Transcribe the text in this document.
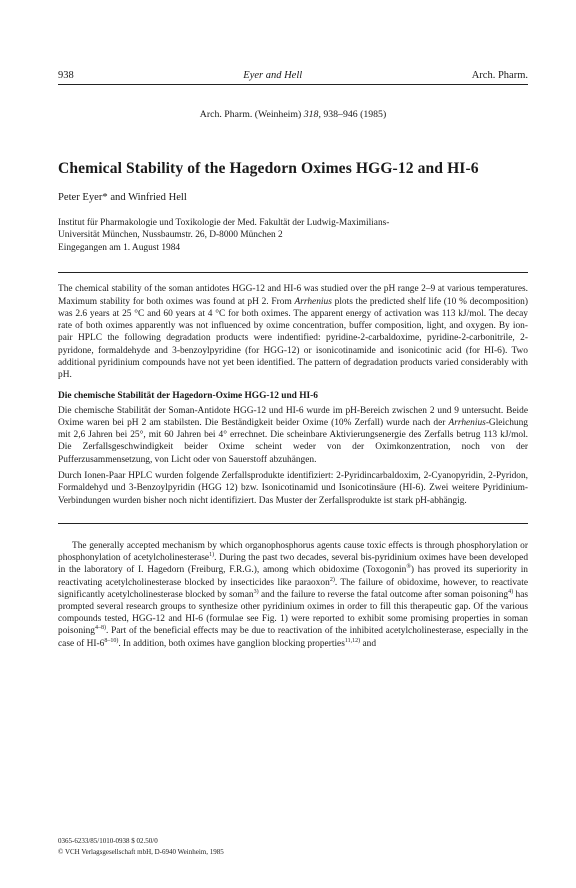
938	Eyer and Hell	Arch. Pharm.
Arch. Pharm. (Weinheim) 318, 938–946 (1985)
Chemical Stability of the Hagedorn Oximes HGG-12 and HI-6
Peter Eyer* and Winfried Hell
Institut für Pharmakologie und Toxikologie der Med. Fakultät der Ludwig-Maximilians-
Universität München, Nussbaumstr. 26, D-8000 München 2
Eingegangen am 1. August 1984
The chemical stability of the soman antidotes HGG-12 and HI-6 was studied over the pH range 2–9 at various temperatures. Maximum stability for both oximes was found at pH 2. From Arrhenius plots the predicted shelf life (10 % decomposition) was 2.6 years at 25 °C and 60 years at 4 °C for both oximes. The apparent energy of activation was 113 kJ/mol. The decay rate of both oximes apparently was not influenced by oxime concentration, buffer composition, light, and oxygen. By ion-pair HPLC the following degradation products were indentified: pyridine-2-carbaldoxime, pyridine-2-carbonitrile, 2-pyridone, formaldehyde and 3-benzoylpyridine (for HGG-12) or isonicotinamide and isonicotinic acid (for HI-6). Two additional pyridinium compounds have not yet been identified. The pattern of degradation products varied considerably with pH.
Die chemische Stabilität der Hagedorn-Oxime HGG-12 und HI-6
Die chemische Stabilität der Soman-Antidote HGG-12 und HI-6 wurde im pH-Bereich zwischen 2 und 9 untersucht. Beide Oxime waren bei pH 2 am stabilsten. Die Beständigkeit beider Oxime (10% Zerfall) wurde nach der Arrhenius-Gleichung mit 2,6 Jahren bei 25°, mit 60 Jahren bei 4° errechnet. Die scheinbare Aktivierungsenergie des Zerfalls betrug 113 kJ/mol. Die Zerfallsgeschwindigkeit beider Oxime scheint weder von der Oximkonzentration, noch von der Pufferzusammensetzung, von Licht oder von Sauerstoff abzuhängen.
Durch Ionen-Paar HPLC wurden folgende Zerfallsprodukte identifiziert: 2-Pyridincarbaldoxim, 2-Cyanopyridin, 2-Pyridon, Formaldehyd und 3-Benzoylpyridin (HGG 12) bzw. Isonicotinamid und Isonicotinsäure (HI-6). Zwei weitere Pyridinium-Verbindungen wurden bisher noch nicht identifiziert. Das Muster der Zerfallsprodukte ist stark pH-abhängig.
The generally accepted mechanism by which organophosphorus agents cause toxic effects is through phosphorylation or phosphonylation of acetylcholinesterase$^{1)}$. During the past two decades, several bis-pyridinium oximes have been developed in the laboratory of I. Hagedorn (Freiburg, F.R.G.), among which obidoxime (Toxogonin®) has proved its superiority in reactivating acetylcholinesterase blocked by insecticides like paraoxon$^{2)}$. The failure of obidoxime, however, to reactivate significantly acetylcholinesterase blocked by soman$^{3)}$ and the failure to reverse the fatal outcome after soman poisoning$^{4)}$ has prompted several research groups to synthesize other pyridinium oximes in order to fill this therapeutic gap. Of the various compounds tested, HGG-12 and HI-6 (formulae see Fig. 1) were reported to exhibit some promising properties in soman poisoning$^{4-8)}$. Part of the beneficial effects may be due to reactivation of the inhibited acetylcholinesterase, especially in the case of HI-6$^{8-10)}$. In addition, both oximes have ganglion blocking properties$^{11,12)}$ and
0365-6233/85/1010-0938 $ 02.50/0
© VCH Verlagsgesellschaft mbH, D-6940 Weinheim, 1985
